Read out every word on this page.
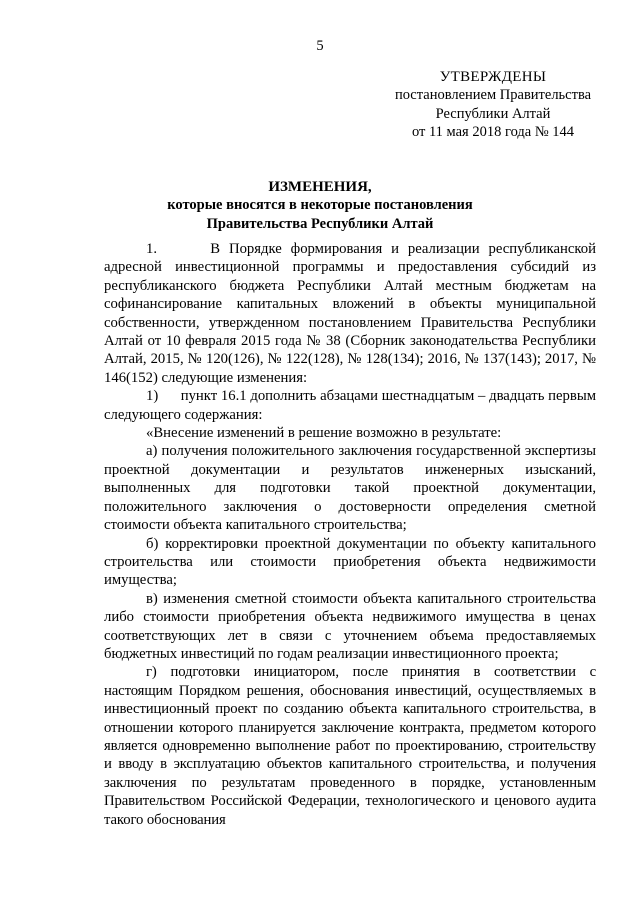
5
УТВЕРЖДЕНЫ
постановлением Правительства
Республики Алтай
от 11 мая 2018 года № 144
ИЗМЕНЕНИЯ,
которые вносятся в некоторые постановления
Правительства Республики Алтай

1.      В Порядке формирования и реализации республиканской адресной инвестиционной программы и предоставления субсидий из республиканского бюджета Республики Алтай местным бюджетам на софинансирование капитальных вложений в объекты муниципальной собственности, утвержденном постановлением Правительства Республики Алтай от 10 февраля 2015 года № 38 (Сборник законодательства Республики Алтай, 2015, № 120(126), № 122(128), № 128(134); 2016, № 137(143); 2017, № 146(152) следующие изменения:

1)      пункт 16.1 дополнить абзацами шестнадцатым – двадцать первым следующего содержания:

«Внесение изменений в решение возможно в результате:

а) получения положительного заключения государственной экспертизы проектной документации и результатов инженерных изысканий, выполненных для подготовки такой проектной документации, положительного заключения о достоверности определения сметной стоимости объекта капитального строительства;

б) корректировки проектной документации по объекту капитального строительства или стоимости приобретения объекта недвижимости имущества;

в) изменения сметной стоимости объекта капитального строительства либо стоимости приобретения объекта недвижимого имущества в ценах соответствующих лет в связи с уточнением объема предоставляемых бюджетных инвестиций по годам реализации инвестиционного проекта;

г) подготовки инициатором, после принятия в соответствии с настоящим Порядком решения, обоснования инвестиций, осуществляемых в инвестиционный проект по созданию объекта капитального строительства, в отношении которого планируется заключение контракта, предметом которого является одновременно выполнение работ по проектированию, строительству и вводу в эксплуатацию объектов капитального строительства, и получения заключения по результатам проведенного в порядке, установленным Правительством Российской Федерации, технологического и ценового аудита такого обоснования
